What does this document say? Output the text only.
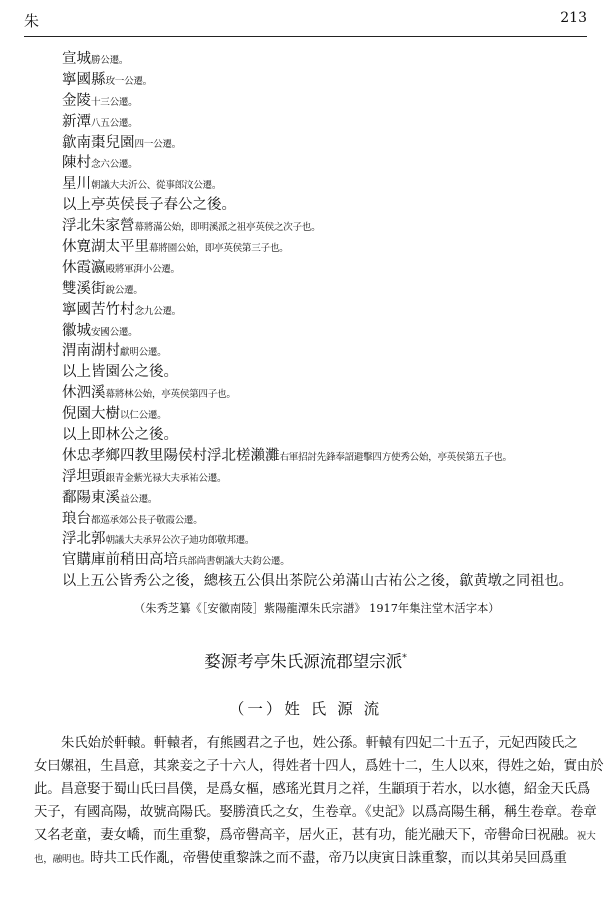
朱	213
宣城勝公遷。
寧國縣玫一公遷。
金陵十三公遷。
新潭八五公遷。
歙南棗兒園四一公遷。
陳村念六公遷。
星川朝議大夫沂公、從事郎汶公遷。
以上亭英侯長子春公之後。
浮北朱家營幕將滿公始，即明溪派之祖亭英侯之次子也。
休寛湖太平里幕將園公始，即亭英侯第三子也。
休霞瀛殿將軍湃小公遷。
雙溪街銳公遷。
寧國苦竹村念九公遷。
徽城安國公遷。
渭南湖村獻明公遷。
以上皆園公之後。
休泗溪幕將林公始，亭英侯第四子也。
倪園大樹以仁公遷。
以上即林公之後。
休忠孝鄉四教里陽侯村浮北槎瀨灘右軍招討先鋒奉詔避擊四方使秀公始，亭英侯第五子也。
浮坦頭銀青金紫光禄大夫承祐公遷。
鄱陽東溪益公遷。
琅台都巡承郊公長子敬霞公遷。
浮北郭朝議大夫承昇公次子迪功郎敬邦遷。
官購庫前稍田高培兵部尚書朝議大夫鈞公遷。
以上五公皆秀公之後，總核五公俱出茶院公弟滿山古祐公之後，歙黄墩之同祖也。
（朱秀芝纂《［安徽南陵］紫陽龍潭朱氏宗譜》 1917年集注堂木活字本）
婺源考亭朱氏源流郡望宗派*
（一）姓 氏 源 流
朱氏始於軒轅。軒轅者，有熊國君之子也，姓公孫。軒轅有四妃二十五子，元妃西陵氏之
女曰嫘祖，生昌意，其衆妾之子十六人，得姓者十四人，爲姓十二，生人以來，得姓之始，實由於
此。昌意娶于蜀山氏曰昌僕，是爲女樞，感瑤光貫月之祥，生顓頊于若水，以水德，紹金天氏爲
天子，有國高陽，故號高陽氏。娶勝濆氏之女，生卷章。《史記》以爲高陽生稱，稱生卷章。卷章
又名老童，妻女嶠，而生重黎，爲帝嚳高辛，居火正，甚有功，能光融天下，帝嚳命曰祝融。祝大
也，融明也。時共工氏作亂，帝嚳使重黎誅之而不盡，帝乃以庚寅日誅重黎，而以其弟吴回爲重
